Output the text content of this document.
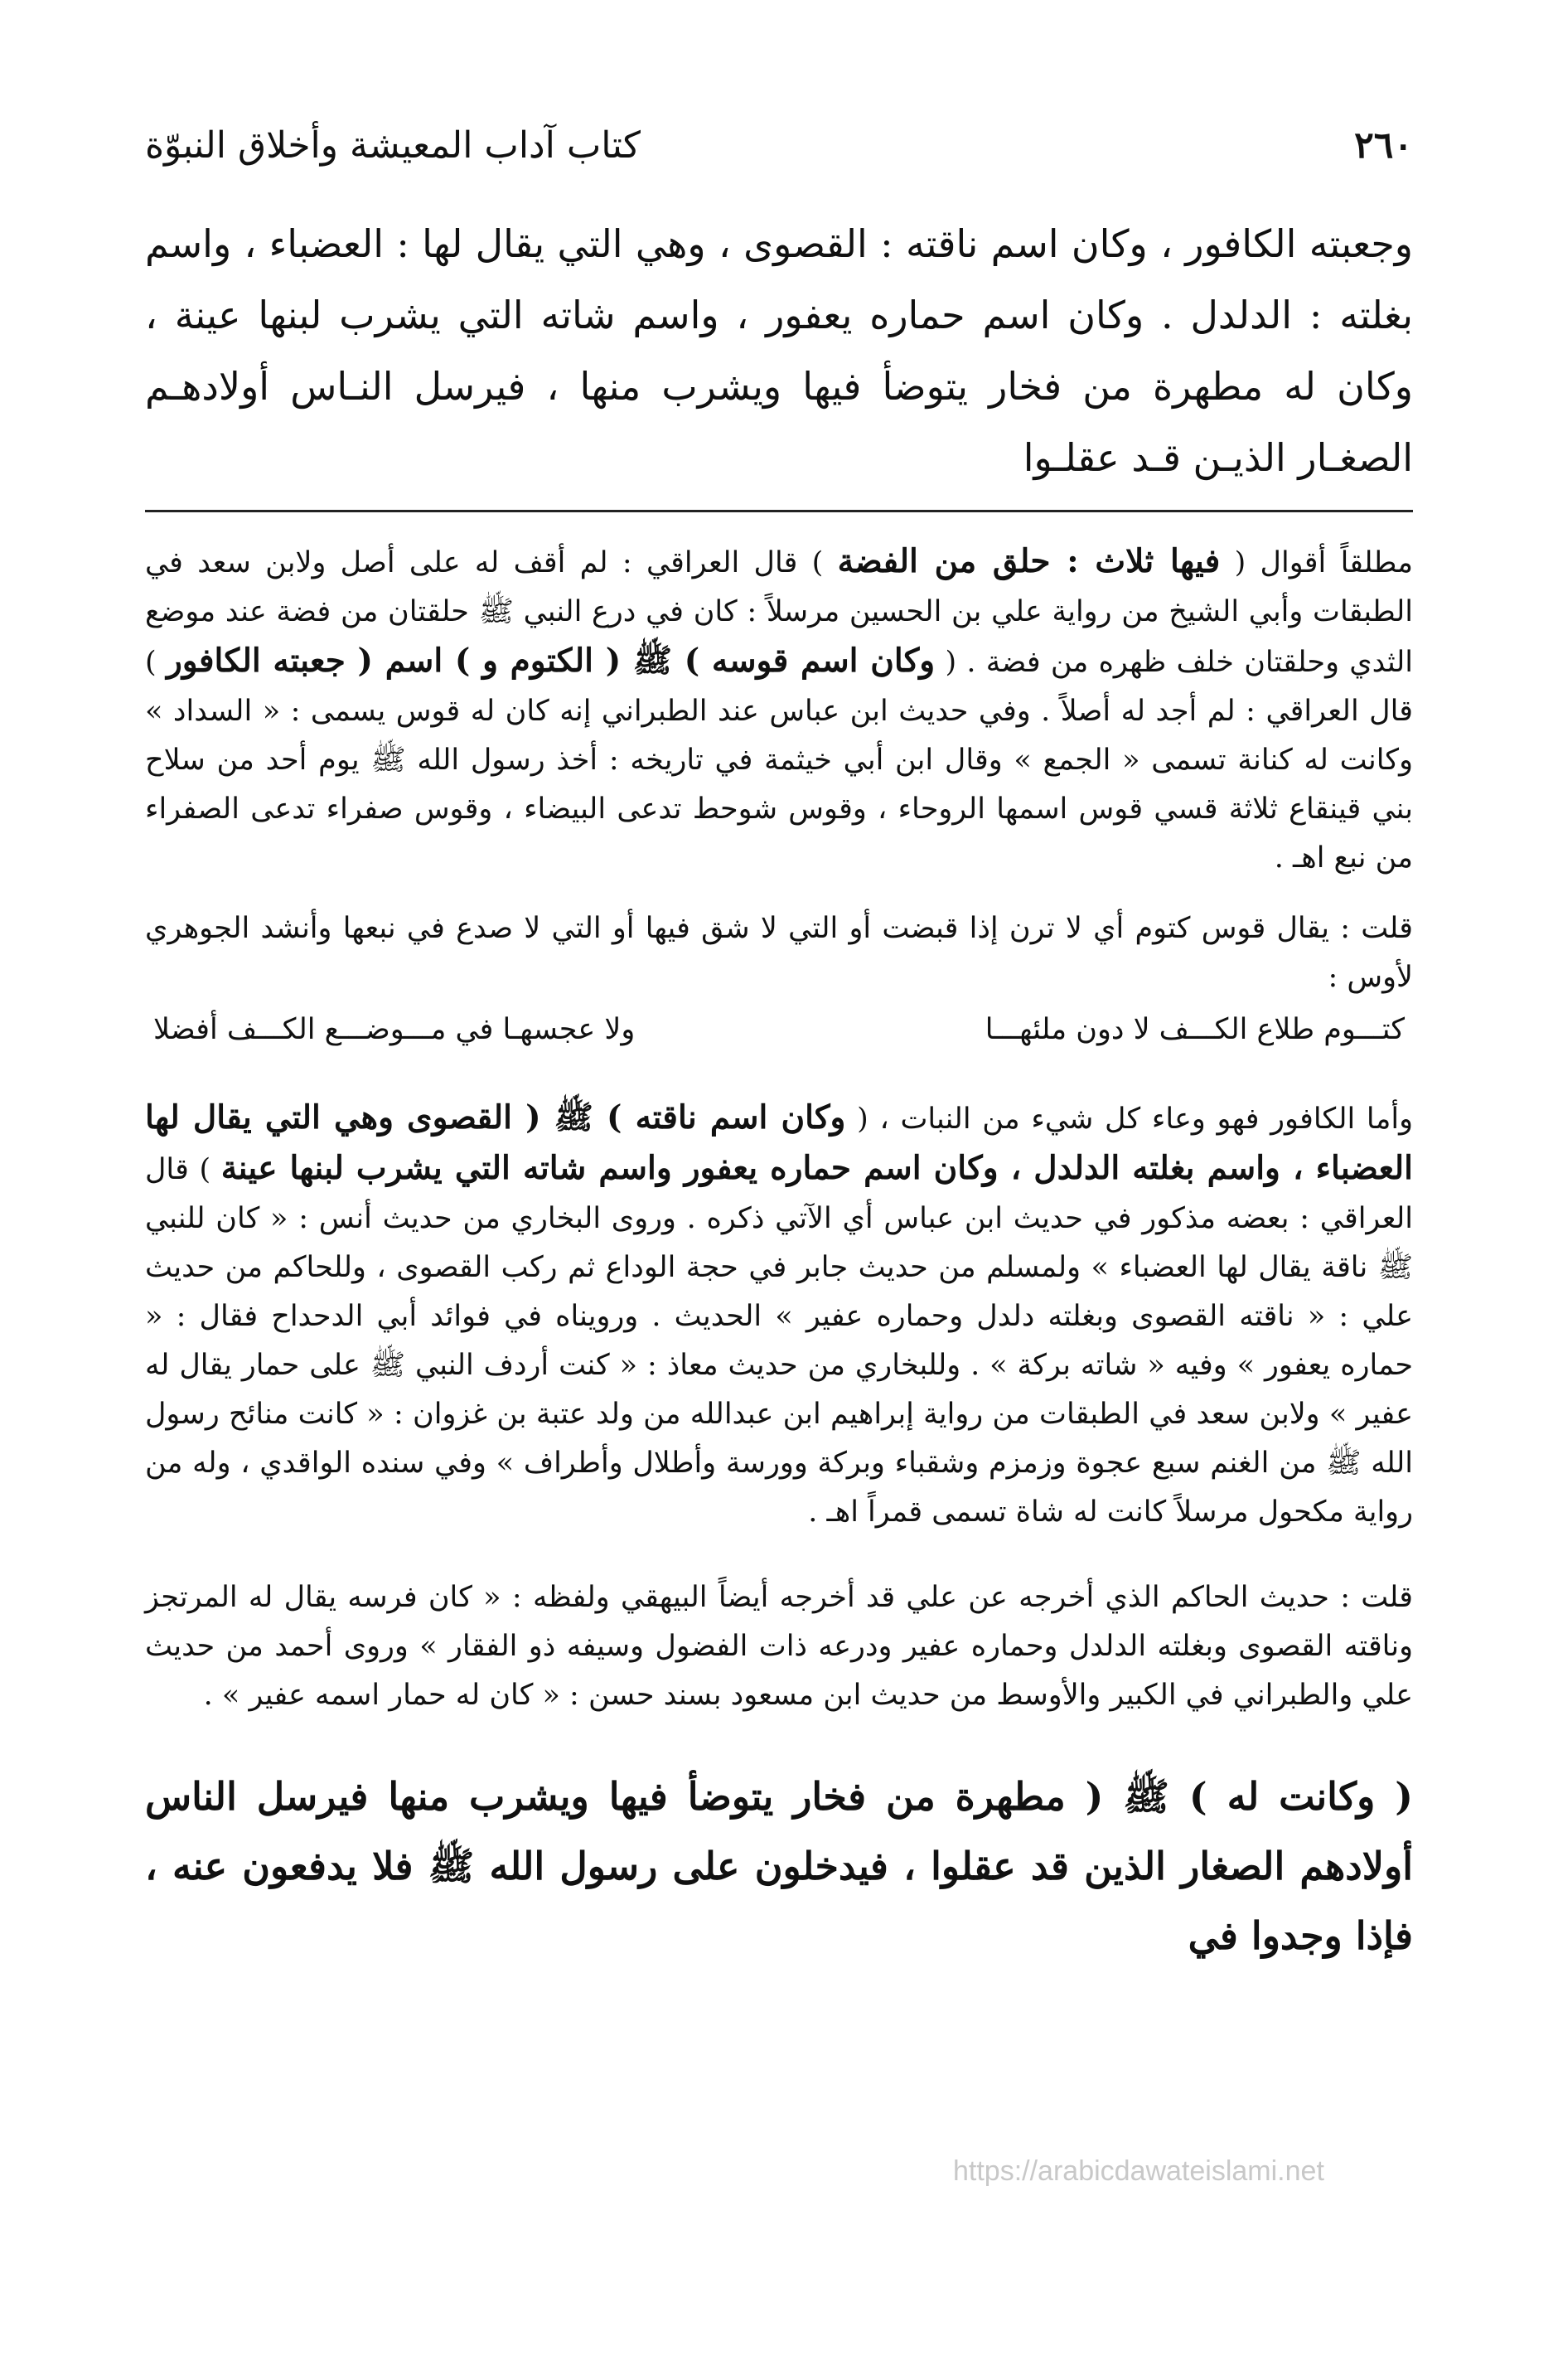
٢٦٠
كتاب آداب المعيشة وأخلاق النبوّة

وجعبته الكافور ، وكان اسم ناقته : القصوى ، وهي التي يقال لها : العضباء ، واسم بغلته : الدلدل . وكان اسم حماره يعفور ، واسم شاته التي يشرب لبنها عينة ، وكان له مطهرة من فخار يتوضأ فيها ويشرب منها ، فيرسل النـاس أولادهـم الصغـار الذيـن قـد عقلـوا

مطلقاً أقوال ( فيها ثلاث : حلق من الفضة ) قال العراقي : لم أقف له على أصل ولابن سعد في الطبقات وأبي الشيخ من رواية علي بن الحسين مرسلاً : كان في درع النبي ﷺ حلقتان من فضة عند موضع الثدي وحلقتان خلف ظهره من فضة . ( وكان اسم قوسه ) ﷺ ( الكتوم و ) اسم ( جعبته الكافور ) قال العراقي : لم أجد له أصلاً . وفي حديث ابن عباس عند الطبراني إنه كان له قوس يسمى : « السداد » وكانت له كنانة تسمى « الجمع » وقال ابن أبي خيثمة في تاريخه : أخذ رسول الله ﷺ يوم أحد من سلاح بني قينقاع ثلاثة قسي قوس اسمها الروحاء ، وقوس شوحط تدعى البيضاء ، وقوس صفراء تدعى الصفراء من نبع اهـ .

قلت : يقال قوس كتوم أي لا ترن إذا قبضت أو التي لا شق فيها أو التي لا صدع في نبعها وأنشد الجوهري لأوس :

كتـــوم طلاع الكـــف لا دون ملئهـــا
ولا عجسهـا في مـــوضـــع الكـــف أفضلا

وأما الكافور فهو وعاء كل شيء من النبات ، ( وكان اسم ناقته ) ﷺ ( القصوى وهي التي يقال لها العضباء ، واسم بغلته الدلدل ، وكان اسم حماره يعفور واسم شاته التي يشرب لبنها عينة ) قال العراقي : بعضه مذكور في حديث ابن عباس أي الآتي ذكره . وروى البخاري من حديث أنس : « كان للنبي ﷺ ناقة يقال لها العضباء » ولمسلم من حديث جابر في حجة الوداع ثم ركب القصوى ، وللحاكم من حديث علي : « ناقته القصوى وبغلته دلدل وحماره عفير » الحديث . ورويناه في فوائد أبي الدحداح فقال : « حماره يعفور » وفيه « شاته بركة » . وللبخاري من حديث معاذ : « كنت أردف النبي ﷺ على حمار يقال له عفير » ولابن سعد في الطبقات من رواية إبراهيم ابن عبدالله من ولد عتبة بن غزوان : « كانت منائح رسول الله ﷺ من الغنم سبع عجوة وزمزم وشقباء وبركة وورسة وأطلال وأطراف » وفي سنده الواقدي ، وله من رواية مكحول مرسلاً كانت له شاة تسمى قمراً اهـ .

قلت : حديث الحاكم الذي أخرجه عن علي قد أخرجه أيضاً البيهقي ولفظه : « كان فرسه يقال له المرتجز وناقته القصوى وبغلته الدلدل وحماره عفير ودرعه ذات الفضول وسيفه ذو الفقار » وروى أحمد من حديث علي والطبراني في الكبير والأوسط من حديث ابن مسعود بسند حسن : « كان له حمار اسمه عفير » .

( وكانت له ) ﷺ ( مطهرة من فخار يتوضأ فيها ويشرب منها فيرسل الناس أولادهم الصغار الذين قد عقلوا ، فيدخلون على رسول الله ﷺ فلا يدفعون عنه ، فإذا وجدوا في

https://arabicdawateislami.net
